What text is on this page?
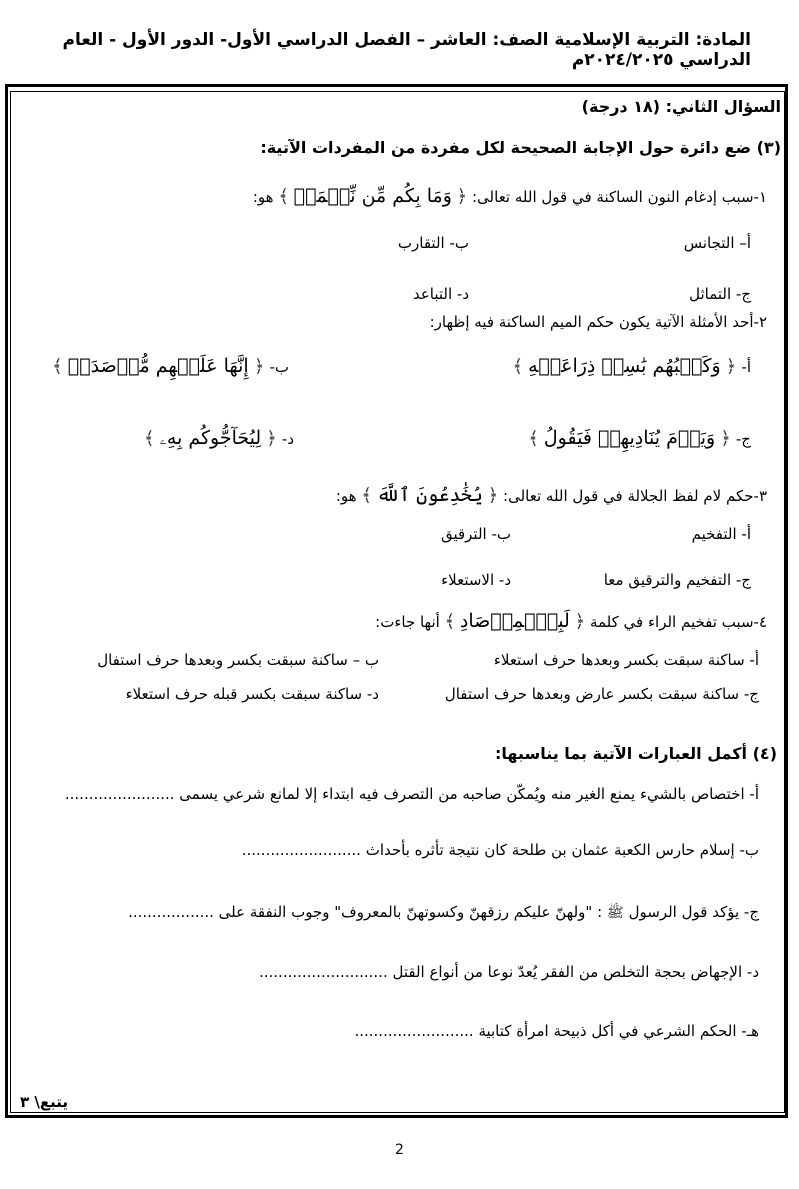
المادة: التربية الإسلامية الصف: العاشر – الفصل الدراسي الأول- الدور الأول - العام الدراسي ٢٠٢٤/٢٠٢٥م
السؤال الثاني: (١٨ درجة)
(٣) ضع دائرة حول الإجابة الصحيحة لكل مفردة من المفردات الآتية:
١-سبب إدغام النون الساكنة في قول الله تعالى: ﴿ وَمَا بِكُم مِّن نِّعۡمَةٖ ﴾ هو:
أ– التجانس
ب- التقارب
ج- التماثل
د- التباعد
٢-أحد الأمثلة الآتية يكون حكم الميم الساكنة فيه إظهار:
أ- ﴿ وَكَلۡبُهُم بَٰسِطٞ ذِرَاعَيۡهِ ﴾
ب- ﴿ إِنَّهَا عَلَيۡهِم مُّؤۡصَدَةٞ ﴾
ج- ﴿ وَيَوۡمَ يُنَادِيهِمۡ فَيَقُولُ ﴾
د- ﴿ لِيُحَآجُّوكُم بِهِۦ ﴾
٣-حكم لام لفظ الجلالة في قول الله تعالى: ﴿ يُخَٰدِعُونَ ٱللَّهَ ﴾ هو:
أ- التفخيم
ب- الترقيق
ج- التفخيم والترقيق معا
د- الاستعلاء
٤-سبب تفخيم الراء في كلمة ﴿ لَبِٱلۡمِرۡصَادِ ﴾ أنها جاءت:
أ- ساكنة سبقت بكسر وبعدها حرف استعلاء
ب – ساكنة سبقت بكسر وبعدها حرف استفال
ج- ساكنة سبقت بكسر عارض وبعدها حرف استفال
د- ساكنة سبقت بكسر قبله حرف استعلاء
(٤) أكمل العبارات الآتية بما يناسبها:
أ- اختصاص بالشيء يمنع الغير منه ويُمكّن صاحبه من التصرف فيه ابتداء إلا لمانع شرعي يسمى .......................
ب- إسلام حارس الكعبة عثمان بن طلحة كان نتيجة تأثره بأحداث .........................
ج- يؤكد قول الرسول ﷺ : "ولهنّ عليكم رزقهنّ وكسوتهنّ بالمعروف" وجوب النفقة على ..................
د- الإجهاض بحجة التخلص من الفقر يُعدّ نوعا من أنواع القتل ...........................
هـ- الحكم الشرعي في أكل ذبيحة امرأة كتابية .........................
يتبع\ ٣
2
